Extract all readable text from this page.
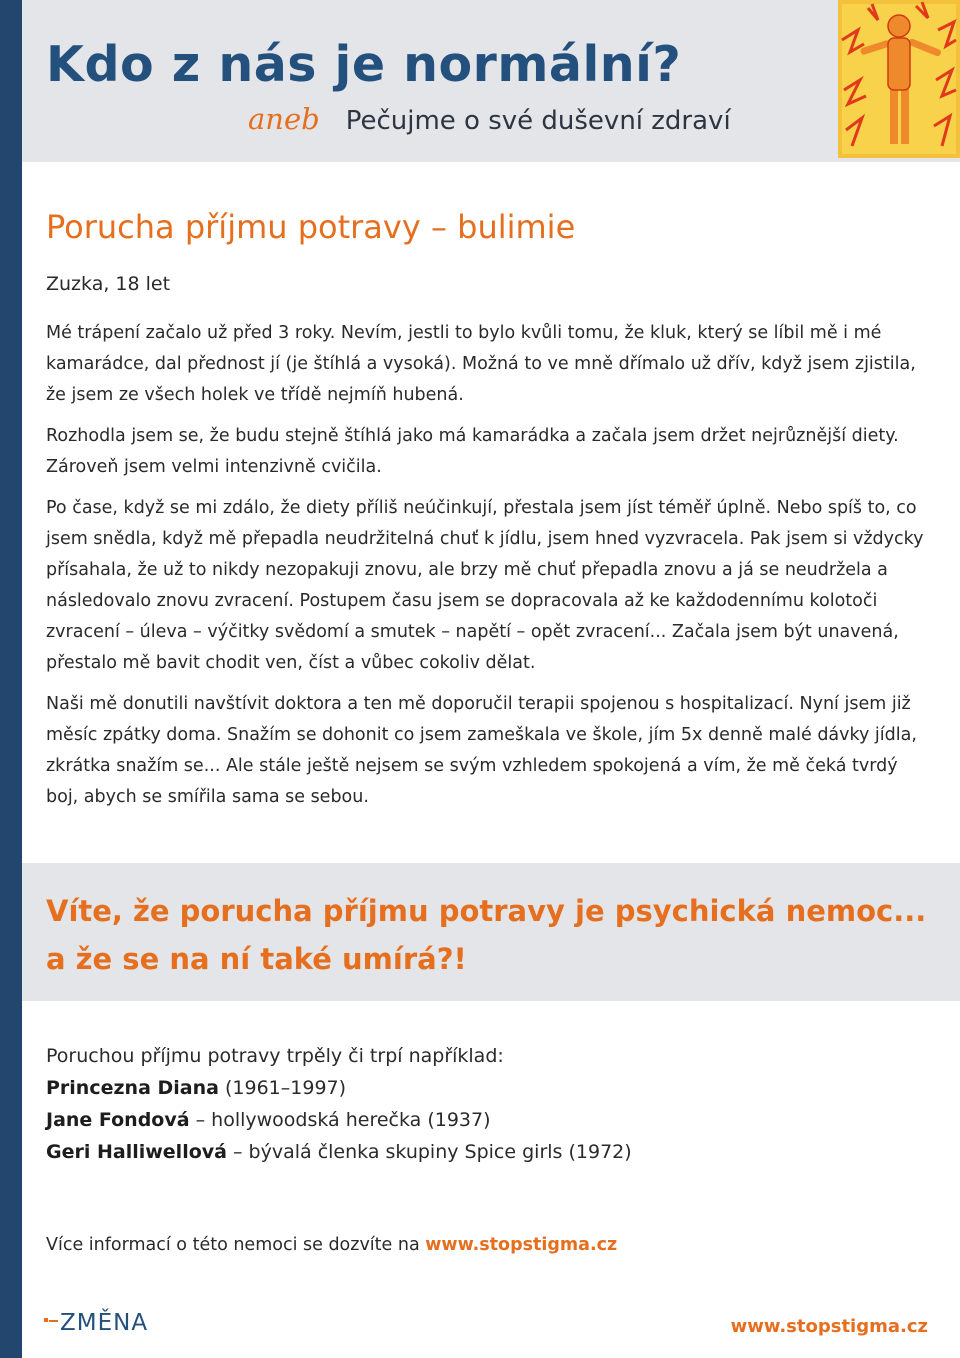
Kdo z nás je normální?
aneb Pečujme o své duševní zdraví
Porucha příjmu potravy – bulimie
Zuzka, 18 let

Mé trápení začalo už před 3 roky. Nevím, jestli to bylo kvůli tomu, že kluk, který se líbil mě i mé kamarádce, dal přednost jí (je štíhlá a vysoká). Možná to ve mně dřímalo už dřív, když jsem zjistila, že jsem ze všech holek ve třídě nejmíň hubená.

Rozhodla jsem se, že budu stejně štíhlá jako má kamarádka a začala jsem držet nejrůznější diety. Zároveň jsem velmi intenzivně cvičila.

Po čase, když se mi zdálo, že diety příliš neúčinkují, přestala jsem jíst téměř úplně. Nebo spíš to, co jsem snědla, když mě přepadla neudržitelná chuť k jídlu, jsem hned vyzvracela. Pak jsem si vždycky přísahala, že už to nikdy nezopakuji znovu, ale brzy mě chuť přepadla znovu a já se neudržela a následovalo znovu zvracení. Postupem času jsem se dopracovala až ke každodennímu kolotoči zvracení – úleva – výčitky svědomí a smutek – napětí – opět zvracení... Začala jsem být unavená, přestalo mě bavit chodit ven, číst a vůbec cokoliv dělat.

Naši mě donutili navštívit doktora a ten mě doporučil terapii spojenou s hospitalizací. Nyní jsem již měsíc zpátky doma. Snažím se dohonit co jsem zameškala ve škole, jím 5x denně malé dávky jídla, zkrátka snažím se... Ale stále ještě nejsem se svým vzhledem spokojená a vím, že mě čeká tvrdý boj, abych se smířila sama se sebou.

Víte, že porucha příjmu potravy je psychická nemoc...
a že se na ní také umírá?!
Poruchou příjmu potravy trpěly či trpí například:
Princezna Diana (1961–1997)
Jane Fondová – hollywoodská herečka (1937)
Geri Halliwellová – bývalá členka skupiny Spice girls (1972)
Více informací o této nemoci se dozvíte na www.stopstigma.cz
ZMĚNA	www.stopstigma.cz
